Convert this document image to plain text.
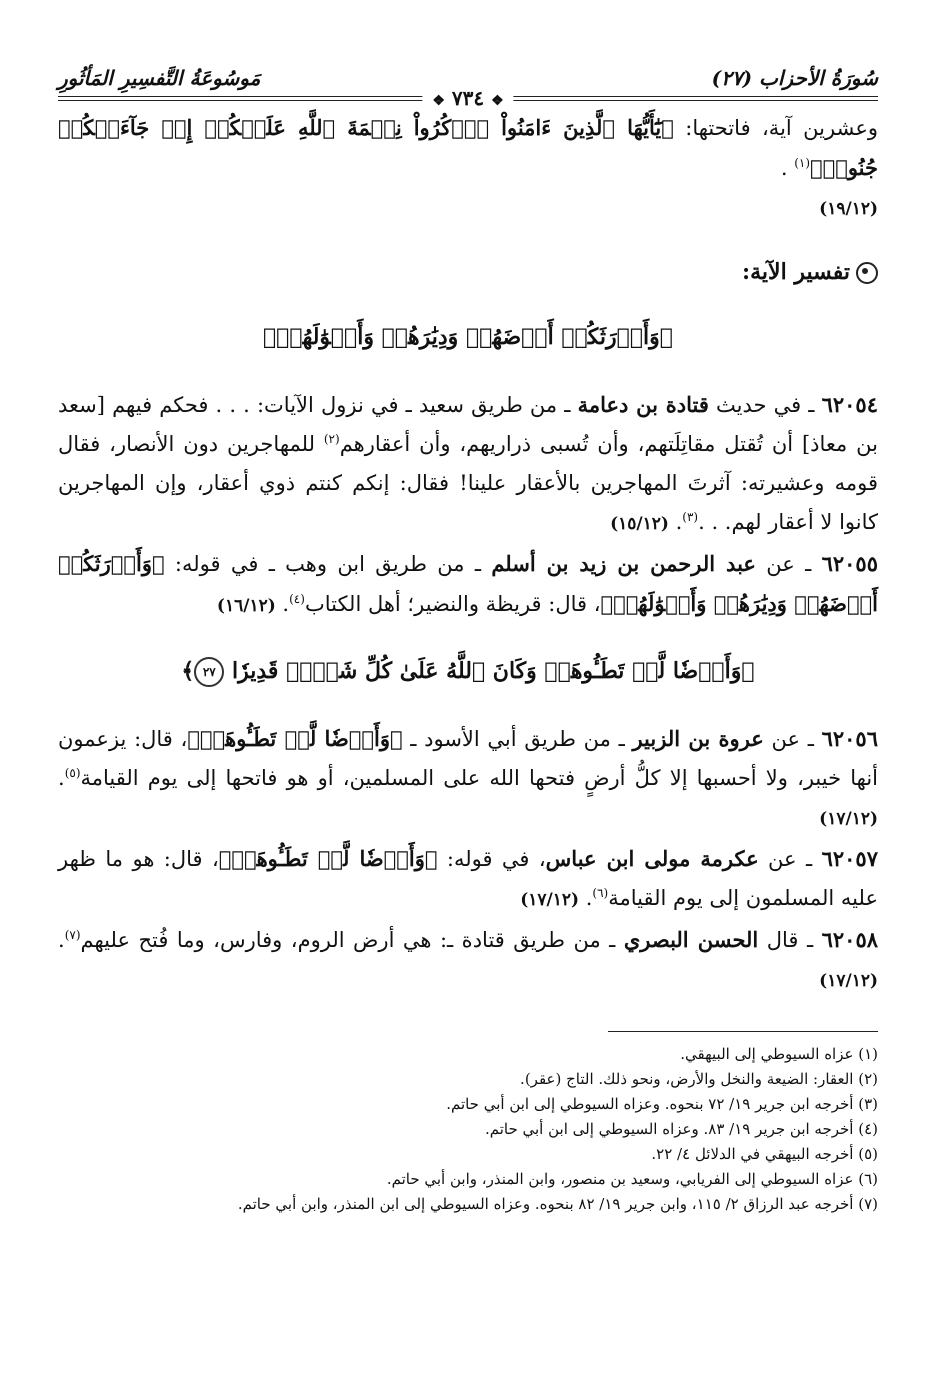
سُورَةُ الأحزاب (٢٧)
مَوسُوعَةُ التَّفسِيرِ المَأثُورِ
❖ ٧٣٤ ❖

وعشرين آية، فاتحتها: ﴿يَٰٓأَيُّهَا ٱلَّذِينَ ءَامَنُواْ ٱذۡكُرُواْ نِعۡمَةَ ٱللَّهِ عَلَيۡكُمۡ إِذۡ جَآءَتۡكُمۡ جُنُودٞ﴾$^{(١)}$ .
(١٩/١٢)

تفسير الآية:
﴿وَأَوۡرَثَكُمۡ أَرۡضَهُمۡ وَدِيَٰرَهُمۡ وَأَمۡوَٰلَهُمۡ﴾

٦٢٠٥٤ ـ في حديث قتادة بن دعامة ـ من طريق سعيد ـ في نزول الآيات: . . . فحكم فيهم [سعد بن معاذ] أن تُقتل مقاتِلَتهم، وأن تُسبى ذراريهم، وأن أعقارهم$^{(٢)}$ للمهاجرين دون الأنصار، فقال قومه وعشيرته: آثرتَ المهاجرين بالأعقار علينا! فقال: إنكم كنتم ذوي أعقار، وإن المهاجرين كانوا لا أعقار لهم. . .$^{(٣)}$. (١٥/١٢)

٦٢٠٥٥ ـ عن عبد الرحمن بن زيد بن أسلم ـ من طريق ابن وهب ـ في قوله: ﴿وَأَوۡرَثَكُمۡ أَرۡضَهُمۡ وَدِيَٰرَهُمۡ وَأَمۡوَٰلَهُمۡ﴾، قال: قريظة والنضير؛ أهل الكتاب$^{(٤)}$. (١٦/١٢)

﴿وَأَرۡضٗا لَّمۡ تَطَـُٔوهَاۚ وَكَانَ ٱللَّهُ عَلَىٰ كُلِّ شَيۡءٖ قَدِيرٗا ٢٧﴾

٦٢٠٥٦ ـ عن عروة بن الزبير ـ من طريق أبي الأسود ـ ﴿وَأَرۡضٗا لَّمۡ تَطَـُٔوهَاۚ﴾، قال: يزعمون أنها خيبر، ولا أحسبها إلا كلُّ أرضٍ فتحها الله على المسلمين، أو هو فاتحها إلى يوم القيامة$^{(٥)}$. (١٧/١٢)

٦٢٠٥٧ ـ عن عكرمة مولى ابن عباس، في قوله: ﴿وَأَرۡضٗا لَّمۡ تَطَـُٔوهَاۚ﴾، قال: هو ما ظهر عليه المسلمون إلى يوم القيامة$^{(٦)}$. (١٧/١٢)

٦٢٠٥٨ ـ قال الحسن البصري ـ من طريق قتادة ـ: هي أرض الروم، وفارس، وما فُتح عليهم$^{(٧)}$. (١٧/١٢)

(١) عزاه السيوطي إلى البيهقي.
(٢) العقار: الضيعة والنخل والأرض، ونحو ذلك. التاج (عقر).
(٣) أخرجه ابن جرير ١٩/ ٧٢ بنحوه. وعزاه السيوطي إلى ابن أبي حاتم.
(٤) أخرجه ابن جرير ١٩/ ٨٣. وعزاه السيوطي إلى ابن أبي حاتم.
(٥) أخرجه البيهقي في الدلائل ٤/ ٢٢.
(٦) عزاه السيوطي إلى الفريابي، وسعيد بن منصور، وابن المنذر، وابن أبي حاتم.
(٧) أخرجه عبد الرزاق ٢/ ١١٥، وابن جرير ١٩/ ٨٢ بنحوه. وعزاه السيوطي إلى ابن المنذر، وابن أبي حاتم.
